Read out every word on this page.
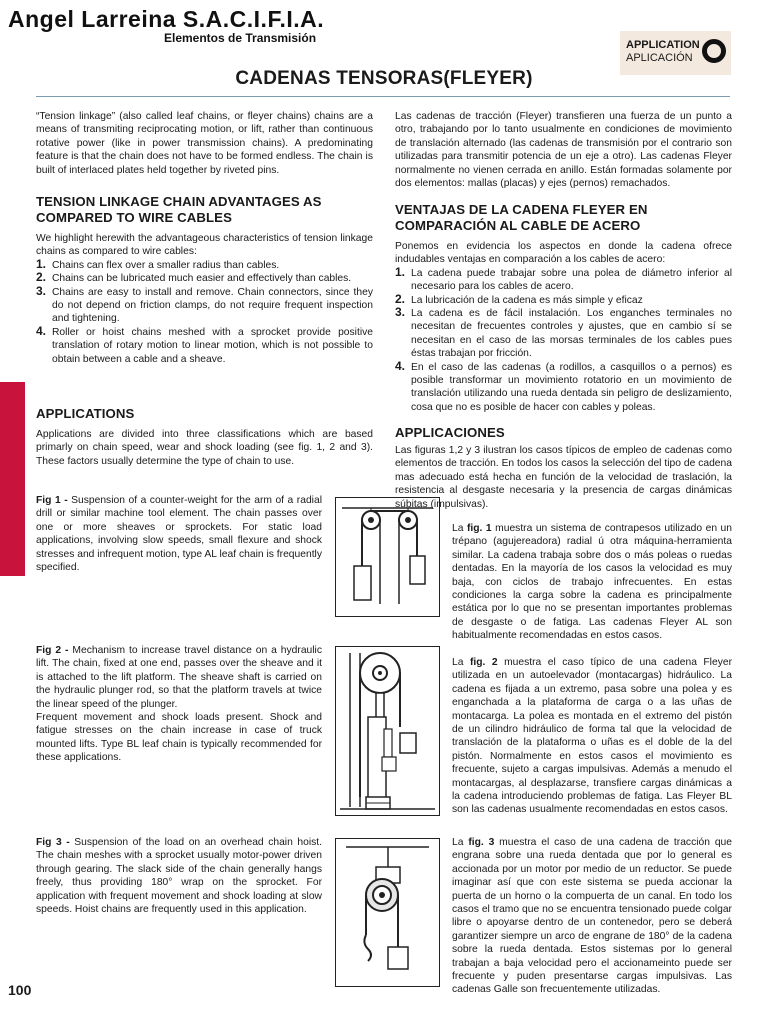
Angel Larreina S.A.C.I.F.I.A.
Elementos de Transmisión	APPLICATION
APLICACIÓN
CADENAS TENSORAS(FLEYER)
100

“Tension linkage” (also called leaf chains, or fleyer chains) chains are a means of transmiting reciprocating motion, or lift, rather than continuous rotative power (like in power transmission chains). A predominating feature is that the chain does not have to be formed endless. The chain is built of interlaced plates held together by riveted pins.

TENSION LINKAGE CHAIN ADVANTAGES AS COMPARED TO WIRE CABLES

We highlight herewith the advantageous characteristics of tension linkage chains as compared to wire cables:

1. Chains can flex over a smaller radius than cables.
2. Chains can be lubricated much easier and effectively than cables.
3. Chains are easy to install and remove. Chain connectors, since they do not depend on friction clamps, do not require frequent inspection and tightening.
4. Roller or hoist chains meshed with a sprocket provide positive translation of rotary motion to linear motion, which is not possible to obtain between a cable and a sheave.
APPLICATIONS
Applications are divided into three classifications which are based primarly on chain speed, wear and shock loading (see fig. 1, 2 and 3). These factors usually determine the type of chain to use.

Fig 1 - Suspension of a counter-weight for the arm of a radial drill or similar machine tool element. The chain passes over one or more sheaves or sprockets. For static load applications, involving slow speeds, small flexure and shock stresses and infrequent motion, type AL leaf chain is frequently specified.

Fig 2 - Mechanism to increase travel distance on a hydraulic lift. The chain, fixed at one end, passes over the sheave and it is attached to the lift platform. The sheave shaft is carried on the hydraulic plunger rod, so that the platform travels at twice the linear speed of the plunger.

Frequent movement and shock loads present. Shock and fatigue stresses on the chain increase in case of truck mounted lifts. Type BL leaf chain is typically recommended for these applications.

Fig 3 - Suspension of the load on an overhead chain hoist. The chain meshes with a sprocket usually motor-power driven through gearing. The slack side of the chain generally hangs freely, thus providing 180° wrap on the sprocket. For application with frequent movement and shock loading at slow speeds. Hoist chains are frequently used in this application.

Las cadenas de tracción (Fleyer) transfieren una fuerza de un punto a otro, trabajando por lo tanto usualmente en condiciones de movimiento de translación alternado (las cadenas de transmisión por el contrario son utilizadas para transmitir potencia de un eje a otro). Las cadenas Fleyer normalmente no vienen cerrada en anillo. Están formadas solamente por dos elementos: mallas (placas) y ejes (pernos) remachados.

VENTAJAS DE LA CADENA FLEYER EN COMPARACIÓN AL CABLE DE ACERO

Ponemos en evidencia los aspectos en donde la cadena ofrece indudables ventajas en comparación a los cables de acero:

1. La cadena puede trabajar sobre una polea de diámetro inferior al necesario para los cables de acero.
2. La lubricación de la cadena es más simple y eficaz
3. La cadena es de fácil instalación. Los enganches terminales no necesitan de frecuentes controles y ajustes, que en cambio sí se necesitan en el caso de las morsas terminales de los cables pues éstas trabajan por fricción.
4. En el caso de las cadenas (a rodillos, a casquillos o a pernos) es posible transformar un movimiento rotatorio en un movimiento de translación utilizando una rueda dentada sin peligro de deslizamiento, cosa que no es posible de hacer con cables y poleas.
APPLICACIONES
Las figuras 1,2 y 3 ilustran los casos típicos de empleo de cadenas como elementos de tracción. En todos los casos la selección del tipo de cadena mas adecuado está hecha en función de la velocidad de traslación, la resistencia al desgaste necesaria y la presencia de cargas dinámicas súbitas (impulsivas).

La fig. 1 muestra un sistema de contrapesos utilizado en un trépano (agujereadora) radial ú otra máquina-herramienta similar. La cadena trabaja sobre dos o más poleas o ruedas dentadas. En la mayoría de los casos la velocidad es muy baja, con ciclos de trabajo infrecuentes. En estas condiciones la carga sobre la cadena es principalmente estática por lo que no se presentan importantes problemas de desgaste o de fatiga. Las cadenas Fleyer AL son habitualmente recomendadas en estos casos.

La fig. 2 muestra el caso típico de una cadena Fleyer utilizada en un autoelevador (montacargas) hidráulico. La cadena es fijada a un extremo, pasa sobre una polea y es enganchada a la plataforma de carga o a las uñas de montacarga. La polea es montada en el extremo del pistón de un cilindro hidráulico de forma tal que la velocidad de translación de la plataforma o uñas es el doble de la del pistón. Normalmente en estos casos el movimiento es frecuente, sujeto a cargas impulsivas. Además a menudo el montacargas, al desplazarse, transfiere cargas dinámicas a la cadena introduciendo problemas de fatiga. Las Fleyer BL son las cadenas usualmente recomendadas en estos casos.

La fig. 3 muestra el caso de una cadena de tracción que engrana sobre una rueda dentada que por lo general es accionada por un motor por medio de un reductor. Se puede imaginar así que con este sistema se pueda accionar la puerta de un horno o la compuerta de un canal. En todo los casos el tramo que no se encuentra tensionado puede colgar libre o apoyarse dentro de un contenedor, pero se deberá garantizer siempre un arco de engrane de 180° de la cadena sobre la rueda dentada. Estos sistemas por lo general trabajan a baja velocidad pero el accionameinto puede ser frecuente y puden presentarse cargas impulsivas. Las cadenas Galle son frecuentemente utilizadas.
